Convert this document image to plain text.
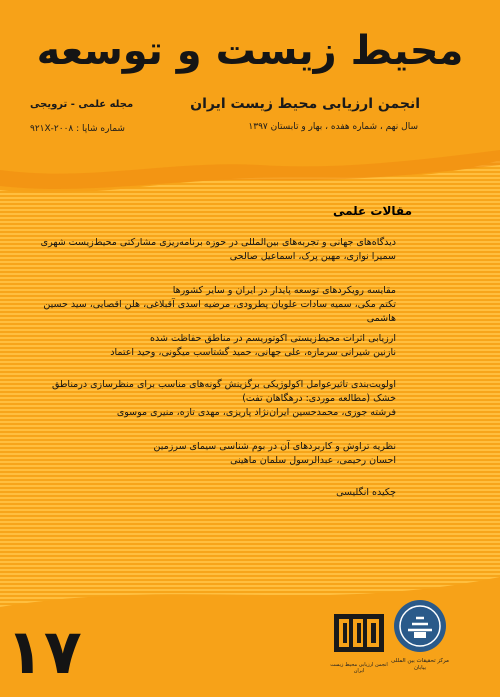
محیط زیست و توسعه
انجمن ارزیابی محیط زیست ایران
سال نهم ، شماره هفده ، بهار و تابستان ۱۳۹۷
مجله علمی - ترویجی
شماره شاپا : ۲۰۰۸-۹۲۱X
مقالات علمی
دیدگاه‌های جهانی و تجربه‌های بین‌المللی در حوزه برنامه‌ریزی مشارکتی محیط‌زیست شهری
سمیرا نوازی، مهین پرک، اسماعیل صالحی
مقایسه رویکردهای توسعه پایدار در ایران و سایر کشورها
تکتم مکی، سمیه سادات علویان پطرودی، مرضیه اسدی آقبلاغی، هلن اقصایی، سید حسین هاشمی
ارزیابی اثرات محیط‌زیستی اکوتوریسم در مناطق حفاظت شده
نازنین شیرانی سرمازه، علی جهانی، حمید گشتاسب میگونی، وحید اعتماد
اولویت‌بندی تاثیرعوامل اکولوژیکی برگزینش گونه‌های مناسب برای منظرسازی درمناطق خشک (مطالعه موردی: درهگاهان تفت)
فرشته جوزی، محمدحسین ایران‌نژاد پاریزی، مهدی تازه، منیری موسوی
نظریه تراوش و کاربردهای آن در بوم شناسی سیمای سرزمین
احسان رحیمی، عبدالرسول سلمان ماهینی
چکیده انگلیسی
۱۷	انجمن ارزیابی محیط زیست ایران
مرکز تحقیقات بین المللی بیابان
